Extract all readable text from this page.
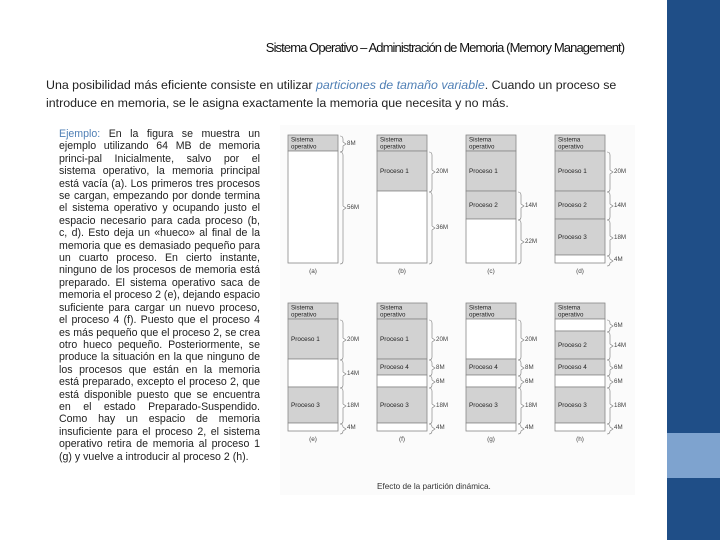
Sistema Operativo – Administración de Memoria (Memory Management)
Una posibilidad más eficiente consiste en utilizar particiones de tamaño variable. Cuando un proceso se introduce en memoria, se le asigna exactamente la memoria que necesita y no más.
Ejemplo: En la figura se muestra un ejemplo utilizando 64 MB de memoria princi-pal Inicialmente, salvo por el sistema operativo, la memoria principal está vacía (a). Los primeros tres procesos se cargan, empezando por donde termina el sistema operativo y ocupando justo el espacio necesario para cada proceso (b, c, d). Esto deja un «hueco» al final de la memoria que es demasiado pequeño para un cuarto proceso. En cierto instante, ninguno de los procesos de memoria está preparado. El sistema operativo saca de memoria el proceso 2 (e), dejando espacio suficiente para cargar un nuevo proceso, el proceso 4 (f). Puesto que el proceso 4 es más pequeño que el proceso 2, se crea otro hueco pequeño. Posteriormente, se produce la situación en la que ninguno de los procesos que están en la memoria está preparado, excepto el proceso 2, que está disponible puesto que se encuentra en el estado Preparado-Suspendido. Como hay un espacio de memoria insuficiente para el proceso 2, el sistema operativo retira de memoria al proceso 1 (g) y vuelve a introducir al proceso 2 (h).
Sistema
operativo	8M
56M
(a)
Sistema
operativo
Proceso 1	20M
36M
(b)
Sistema
operativo
Proceso 1
Proceso 2	14M
22M
(c)
Sistema
operativo
Proceso 1	20M
Proceso 2	14M
Proceso 3	18M
4M
(d)
Sistema
operativo
Proceso 1	20M
14M
Proceso 3	18M
4M
(e)
Sistema
operativo
Proceso 1	20M
Proceso 4	8M
6M
Proceso 3	18M
4M
(f)
Sistema
operativo
20M
Proceso 4	8M
6M
Proceso 3	18M
4M
(g)
Sistema
operativo
6M
Proceso 2	14M
Proceso 4	6M
6M
Proceso 3	18M
4M
(h)
Efecto de la partición dinámica.
